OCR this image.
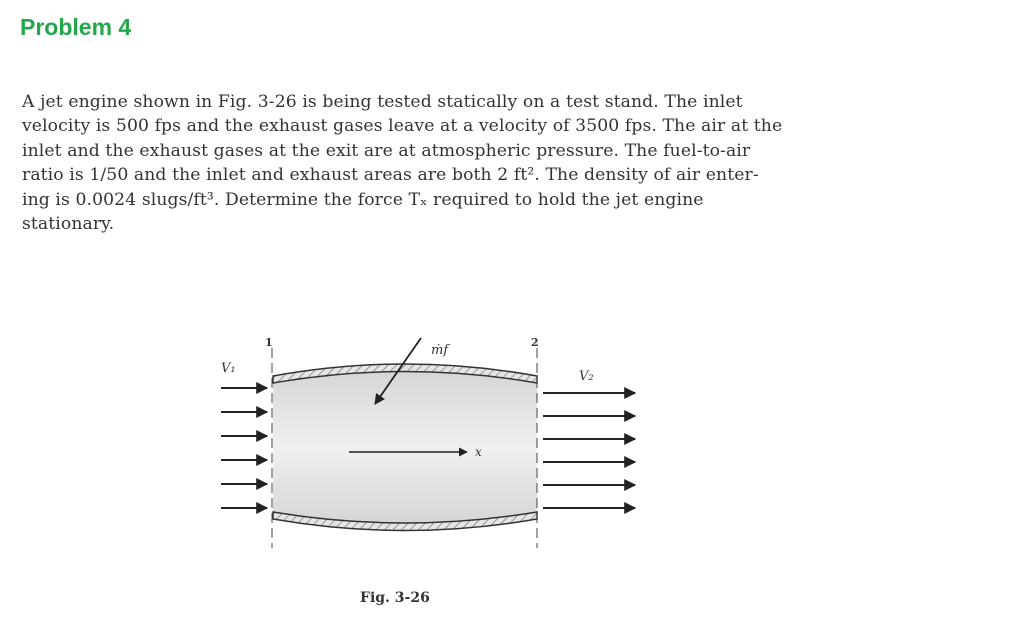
Problem 4

A jet engine shown in Fig. 3-26 is being tested statically on a test stand. The inlet
velocity is 500 fps and the exhaust gases leave at a velocity of 3500 fps. The air at the
inlet and the exhaust gases at the exit are at atmospheric pressure. The fuel-to-air
ratio is 1/50 and the inlet and exhaust areas are both 2 ft². The density of air enter-
ing is 0.0024 slugs/ft³. Determine the force Tₓ required to hold the jet engine
stationary.

1	2
V₁
V₂
ṁf
x
Fig. 3-26
